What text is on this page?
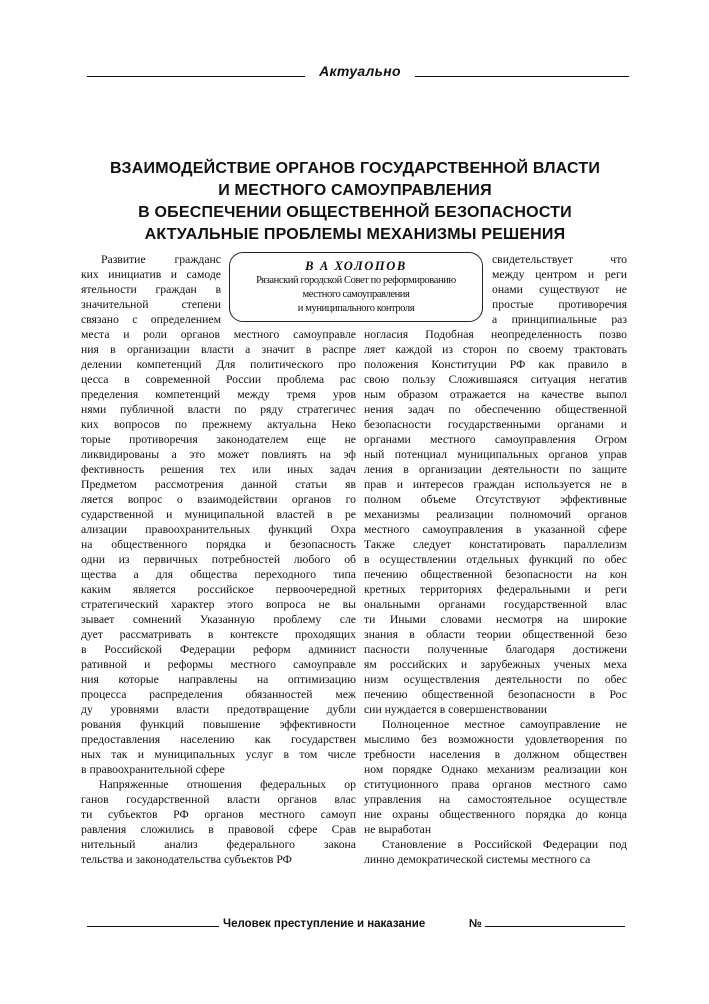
Актуально
ВЗАИМОДЕЙСТВИЕ ОРГАНОВ ГОСУДАРСТВЕННОЙ ВЛАСТИ
И МЕСТНОГО САМОУПРАВЛЕНИЯ
В ОБЕСПЕЧЕНИИ ОБЩЕСТВЕННОЙ БЕЗОПАСНОСТИ
АКТУАЛЬНЫЕ ПРОБЛЕМЫ МЕХАНИЗМЫ РЕШЕНИЯ
В А ХОЛОПОВ
Рязанский городской Совет по реформированию
местного самоуправления
и муниципального контроля
Развитие гражданс
ких инициатив и самоде
ятельности граждан в
значительной степени
связано с определением
свидетельствует что
между центром и реги
онами существуют не
простые противоречия
а принципиальные раз
места и роли органов местного самоуправле
ния в организации власти а значит в распре
делении компетенций Для политического про
цесса в современной России проблема рас
пределения компетенций между тремя уров
нями публичной власти по ряду стратегичес
ких вопросов по прежнему актуальна Неко
торые противоречия законодателем еще не
ликвидированы а это может повлиять на эф
фективность решения тех или иных задач
Предметом рассмотрения данной статьи яв
ляется вопрос о взаимодействии органов го
сударственной и муниципальной властей в ре
ализации правоохранительных функций Охра
на общественного порядка и безопасность
одни из первичных потребностей любого об
щества а для общества переходного типа
каким является российское первоочередной
стратегический характер этого вопроса не вы
зывает сомнений Указанную проблему сле
дует рассматривать в контексте проходящих
в Российской Федерации реформ админист
ративной и реформы местного самоуправле
ния которые направлены на оптимизацию
процесса распределения обязанностей меж
ду уровнями власти предотвращение дубли
рования функций повышение эффективности
предоставления населению как государствен
ных так и муниципальных услуг в том числе
в правоохранительной сфере
Напряженные отношения федеральных ор
ганов государственной власти органов влас
ти субъектов РФ органов местного самоуп
равления сложились в правовой сфере Срав
нительный анализ федерального закона
тельства и законодательства субъектов РФ
ногласия Подобная неопределенность позво
ляет каждой из сторон по своему трактовать
положения Конституции РФ как правило в
свою пользу Сложившаяся ситуация негатив
ным образом отражается на качестве выпол
нения задач по обеспечению общественной
безопасности государственными органами и
органами местного самоуправления Огром
ный потенциал муниципальных органов управ
ления в организации деятельности по защите
прав и интересов граждан используется не в
полном объеме Отсутствуют эффективные
механизмы реализации полномочий органов
местного самоуправления в указанной сфере
Также следует констатировать параллелизм
в осуществлении отдельных функций по обес
печению общественной безопасности на кон
кретных территориях федеральными и реги
ональными органами государственной влас
ти Иными словами несмотря на широкие
знания в области теории общественной безо
пасности полученные благодаря достижени
ям российских и зарубежных ученых меха
низм осуществления деятельности по обес
печению общественной безопасности в Рос
сии нуждается в совершенствовании
Полноценное местное самоуправление не
мыслимо без возможности удовлетворения по
требности населения в должном обществен
ном порядке Однако механизм реализации кон
ституционного права органов местного само
управления на самостоятельное осуществле
ние охраны общественного порядка до конца
не выработан
Становление в Российской Федерации под
линно демократической системы местного са
Человек преступление и наказание	№
